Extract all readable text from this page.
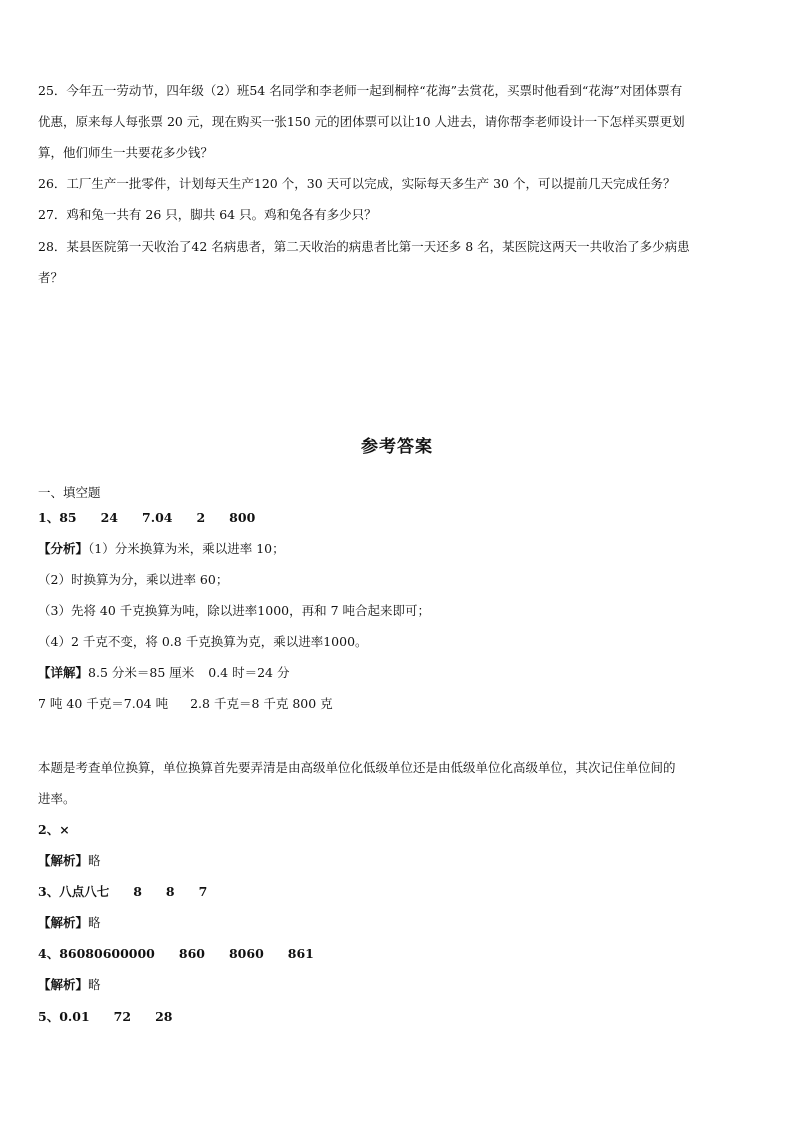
25．今年五一劳动节，四年级（2）班54 名同学和李老师一起到桐梓“花海”去赏花，买票时他看到“花海”对团体票有
优惠，原来每人每张票 20 元，现在购买一张150 元的团体票可以让10 人进去，请你帮李老师设计一下怎样买票更划
算，他们师生一共要花多少钱？
26．工厂生产一批零件，计划每天生产120 个，30 天可以完成，实际每天多生产 30 个，可以提前几天完成任务？
27．鸡和兔一共有 26 只，脚共 64 只。鸡和兔各有多少只？
28．某县医院第一天收治了42 名病患者，第二天收治的病患者比第一天还多 8 名，某医院这两天一共收治了多少病患
者？
参考答案
一、填空题
1、85 24 7.04 2 800
【分析】（1）分米换算为米，乘以进率 10；
（2）时换算为分，乘以进率 60；
（3）先将 40 千克换算为吨，除以进率1000，再和 7 吨合起来即可；
（4）2 千克不变，将 0.8 千克换算为克，乘以进率1000。
【详解】8.5 分米＝85 厘米 0.4 时＝24 分
7 吨 40 千克＝7.04 吨 2.8 千克＝8 千克 800 克
本题是考查单位换算，单位换算首先要弄清是由高级单位化低级单位还是由低级单位化高级单位，其次记住单位间的
进率。
2、×
【解析】略
3、八点八七 8 8 7
【解析】略
4、86080600000 860 8060 861
【解析】略
5、0.01 72 28
